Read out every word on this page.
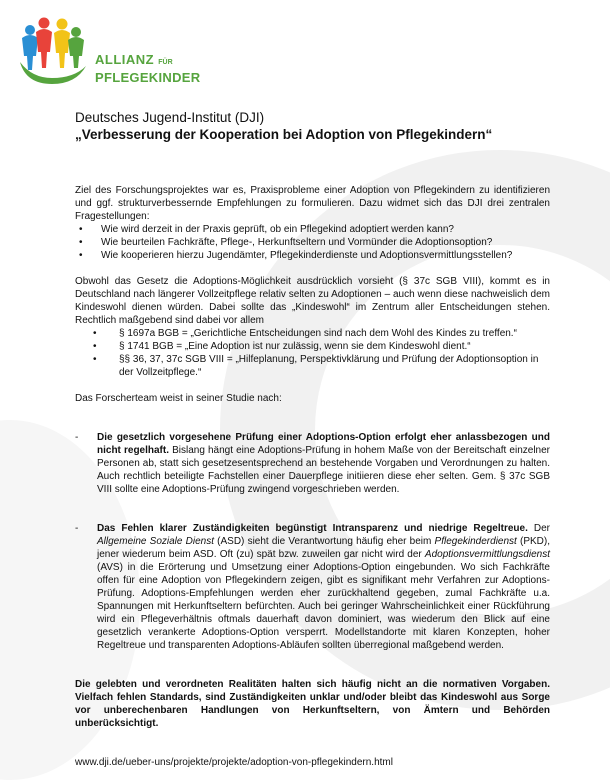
ALLIANZ FÜR
PFLEGEKINDER
Deutsches Jugend-Institut (DJI)
„Verbesserung der Kooperation bei Adoption von Pflegekindern“

Ziel des Forschungsprojektes war es, Praxisprobleme einer Adoption von Pflegekindern zu identifizieren und ggf. strukturverbessernde Empfehlungen zu formulieren. Dazu widmet sich das DJI drei zentralen Fragestellungen:

• Wie wird derzeit in der Praxis geprüft, ob ein Pflegekind adoptiert werden kann?
• Wie beurteilen Fachkräfte, Pflege-, Herkunftseltern und Vormünder die Adoptionsoption?
• Wie kooperieren hierzu Jugendämter, Pflegekinderdienste und Adoptionsvermittlungsstellen?

Obwohl das Gesetz die Adoptions-Möglichkeit ausdrücklich vorsieht (§ 37c SGB VIII), kommt es in Deutschland nach längerer Vollzeitpflege relativ selten zu Adoptionen – auch wenn diese nachweislich dem Kindeswohl dienen würden. Dabei sollte das „Kindeswohl“ im Zentrum aller Entscheidungen stehen. Rechtlich maßgebend sind dabei vor allem

• § 1697a BGB = „Gerichtliche Entscheidungen sind nach dem Wohl des Kindes zu treffen.“
• § 1741 BGB = „Eine Adoption ist nur zulässig, wenn sie dem Kindeswohl dient.“
• §§ 36, 37, 37c SGB VIII = „Hilfeplanung, Perspektivklärung und Prüfung der Adoptionsoption in der Vollzeitpflege.“

Das Forscherteam weist in seiner Studie nach:

-	Die gesetzlich vorgesehene Prüfung einer Adoptions-Option erfolgt eher anlassbezogen und nicht regelhaft. Bislang hängt eine Adoptions-Prüfung in hohem Maße von der Bereitschaft einzelner Personen ab, statt sich gesetzesentsprechend an bestehende Vorgaben und Verordnungen zu halten. Auch rechtlich beteiligte Fachstellen einer Dauerpflege initiieren diese eher selten. Gem. § 37c SGB VIII sollte eine Adoptions-Prüfung zwingend vorgeschrieben werden.
-	Das Fehlen klarer Zuständigkeiten begünstigt Intransparenz und niedrige Regeltreue. Der Allgemeine Soziale Dienst (ASD) sieht die Verantwortung häufig eher beim Pflegekinderdienst (PKD), jener wiederum beim ASD. Oft (zu) spät bzw. zuweilen gar nicht wird der Adoptionsvermittlungsdienst (AVS) in die Erörterung und Umsetzung einer Adoptions-Option eingebunden. Wo sich Fachkräfte offen für eine Adoption von Pflegekindern zeigen, gibt es signifikant mehr Verfahren zur Adoptions-Prüfung. Adoptions-Empfehlungen werden eher zurückhaltend gegeben, zumal Fachkräfte u.a. Spannungen mit Herkunftseltern befürchten. Auch bei geringer Wahrscheinlichkeit einer Rückführung wird ein Pflegeverhältnis oftmals dauerhaft davon dominiert, was wiederum den Blick auf eine gesetzlich verankerte Adoptions-Option versperrt. Modellstandorte mit klaren Konzepten, hoher Regeltreue und transparenten Adoptions-Abläufen sollten überregional maßgebend werden.

Die gelebten und verordneten Realitäten halten sich häufig nicht an die normativen Vorgaben. Vielfach fehlen Standards, sind Zuständigkeiten unklar und/oder bleibt das Kindeswohl aus Sorge vor unberechenbaren Handlungen von Herkunftseltern, von Ämtern und Behörden unberücksichtigt.

www.dji.de/ueber-uns/projekte/projekte/adoption-von-pflegekindern.html
